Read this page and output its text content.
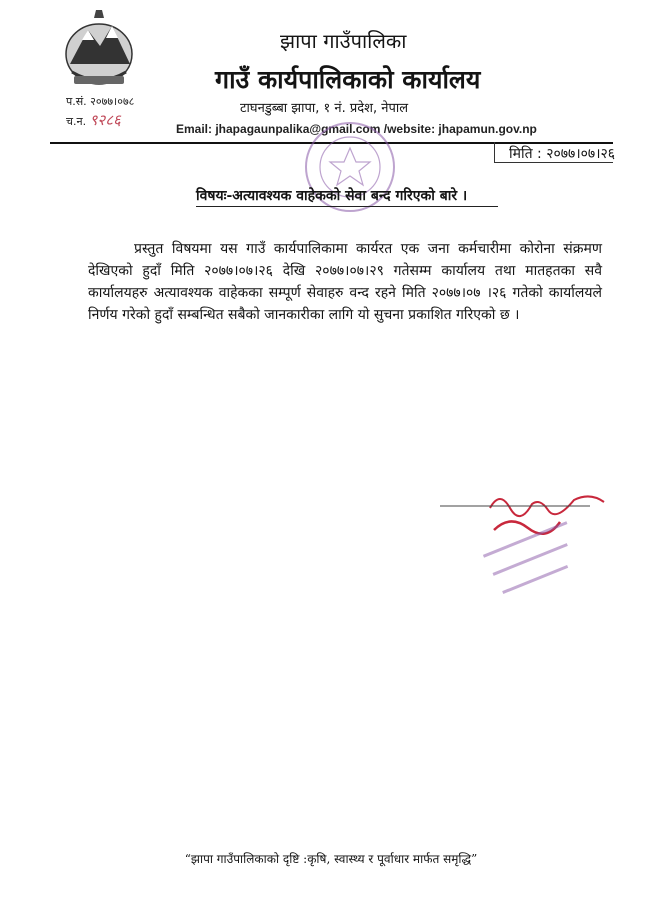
प.सं. २०७७।०७८
च.न. ९२८६
झापा गाउँपालिका
गाउँ कार्यपालिकाको कार्यालय
टाघनडुब्बा झापा, १ नं. प्रदेश, नेपाल
Email: jhapagaunpalika@gmail.com /website: jhapamun.gov.np
मिति : २०७७।०७।२६
विषयः-अत्यावश्यक वाहेकको सेवा बन्द गरिएको बारे ।
प्रस्तुत विषयमा यस गाउँ कार्यपालिकामा कार्यरत एक जना कर्मचारीमा कोरोना संक्रमण देखिएको हुदाँ मिति २०७७।०७।२६ देखि २०७७।०७।२९ गतेसम्म कार्यालय तथा मातहतका सवै कार्यालयहरु अत्यावश्यक वाहेकका सम्पूर्ण सेवाहरु वन्द रहने मिति २०७७।०७ ।२६ गतेको कार्यालयले निर्णय गरेको हुदाँ सम्बन्धित सबैको जानकारीका लागि यो सुचना प्रकाशित गरिएको छ ।
“झापा गाउँपालिकाको दृष्टि :कृषि, स्वास्थ्य र पूर्वाधार मार्फत समृद्धि”
